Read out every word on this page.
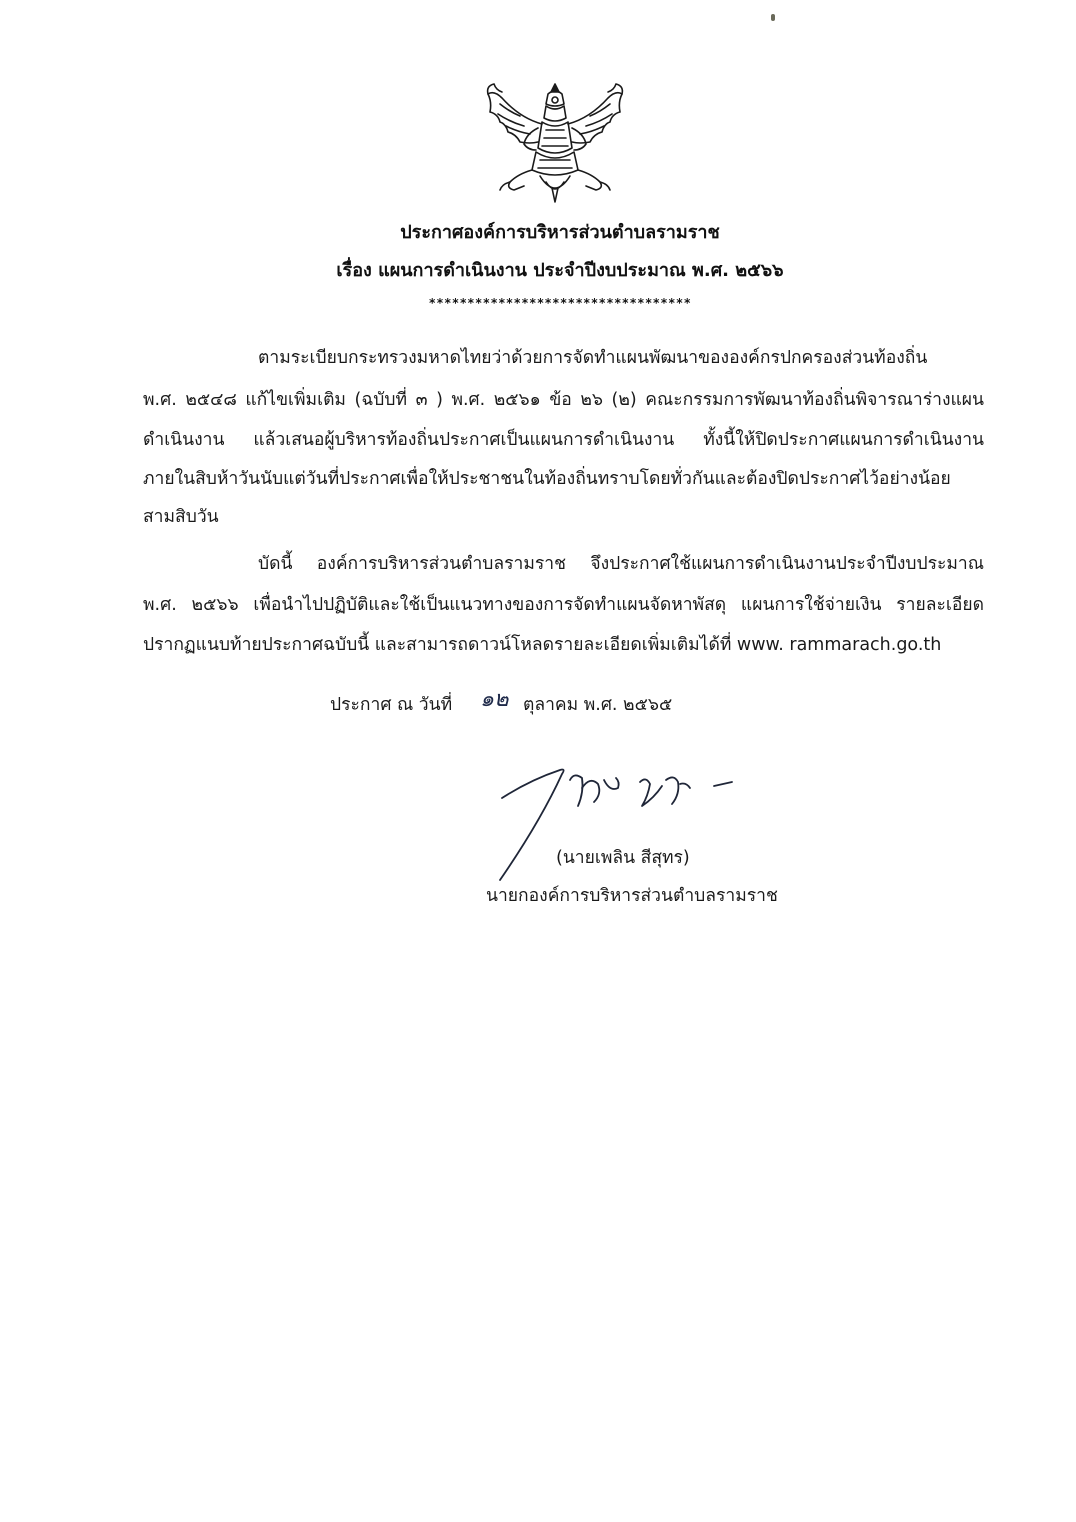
ประกาศองค์การบริหารส่วนตำบลรามราช
เรื่อง แผนการดำเนินงาน ประจำปีงบประมาณ พ.ศ. ๒๕๖๖
**********************************
ตามระเบียบกระทรวงมหาดไทยว่าด้วยการจัดทำแผนพัฒนาขององค์กรปกครองส่วนท้องถิ่น
พ.ศ. ๒๕๔๘ แก้ไขเพิ่มเติม (ฉบับที่ ๓ ) พ.ศ. ๒๕๖๑ ข้อ ๒๖ (๒) คณะกรรมการพัฒนาท้องถิ่นพิจารณาร่างแผน
ดำเนินงาน แล้วเสนอผู้บริหารท้องถิ่นประกาศเป็นแผนการดำเนินงาน ทั้งนี้ให้ปิดประกาศแผนการดำเนินงาน
ภายในสิบห้าวันนับแต่วันที่ประกาศเพื่อให้ประชาชนในท้องถิ่นทราบโดยทั่วกันและต้องปิดประกาศไว้อย่างน้อย
สามสิบวัน
บัดนี้ องค์การบริหารส่วนตำบลรามราช จึงประกาศใช้แผนการดำเนินงานประจำปีงบประมาณ
พ.ศ. ๒๕๖๖ เพื่อนำไปปฏิบัติและใช้เป็นแนวทางของการจัดทำแผนจัดหาพัสดุ แผนการใช้จ่ายเงิน รายละเอียด
ปรากฏแนบท้ายประกาศฉบับนี้ และสามารถดาวน์โหลดรายละเอียดเพิ่มเติมได้ที่ www. rammarach.go.th
ประกาศ ณ วันที่ ๑๒ ตุลาคม พ.ศ. ๒๕๖๕
(นายเพลิน สีสุทร)
นายกองค์การบริหารส่วนตำบลรามราช
